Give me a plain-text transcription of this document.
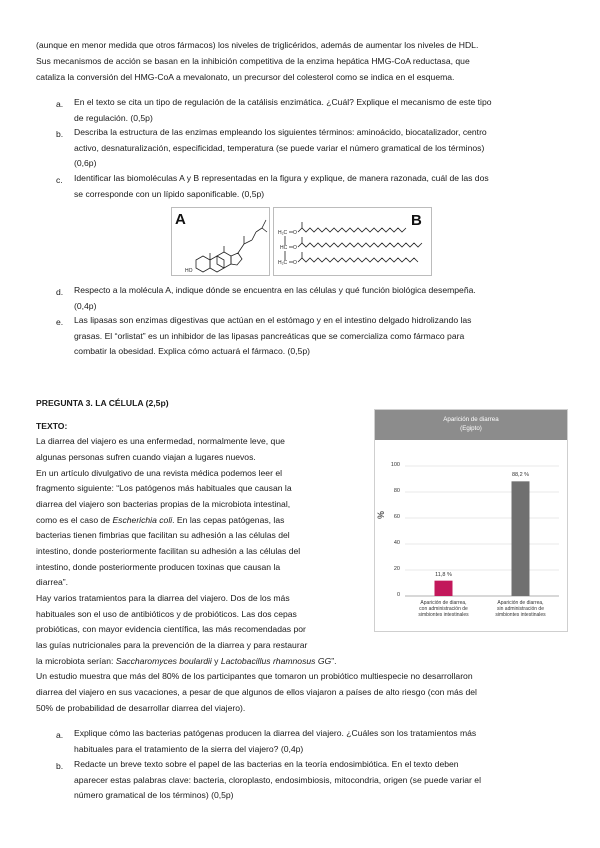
(aunque en menor medida que otros fármacos) los niveles de triglicéridos, además de aumentar los niveles de HDL.
Sus mecanismos de acción se basan en la inhibición competitiva de la enzima hepática HMG-CoA reductasa, que
cataliza la conversión del HMG-CoA a mevalonato, un precursor del colesterol como se indica en el esquema.
a. En el texto se cita un tipo de regulación de la catálisis enzimática. ¿Cuál? Explique el mecanismo de este tipo
de regulación. (0,5p)
b. Describa la estructura de las enzimas empleando los siguientes términos: aminoácido, biocatalizador, centro
activo, desnaturalización, especificidad, temperatura (se puede variar el número gramatical de los términos)
(0,6p)
c. Identificar las biomoléculas A y B representadas en la figura y explique, de manera razonada, cuál de las dos
se corresponde con un lípido saponificable. (0,5p)
A
HO
B
H₂C
HC
H₂C
O
O
O
d. Respecto a la molécula A, indique dónde se encuentra en las células y qué función biológica desempeña.
(0,4p)
e. Las lipasas son enzimas digestivas que actúan en el estómago y en el intestino delgado hidrolizando las
grasas. El “orlistat” es un inhibidor de las lipasas pancreáticas que se comercializa como fármaco para
combatir la obesidad. Explica cómo actuará el fármaco. (0,5p)
PREGUNTA 3. LA CÉLULA (2,5p)
TEXTO:
La diarrea del viajero es una enfermedad, normalmente leve, que
algunas personas sufren cuando viajan a lugares nuevos.
En un artículo divulgativo de una revista médica podemos leer el
fragmento siguiente: “Los patógenos más habituales que causan la
diarrea del viajero son bacterias propias de la microbiota intestinal,
como es el caso de Escherichia coli. En las cepas patógenas, las
bacterias tienen fimbrias que facilitan su adhesión a las células del
intestino, donde posteriormente facilitan su adhesión a las células del
intestino, donde posteriormente producen toxinas que causan la
diarrea”.
Hay varios tratamientos para la diarrea del viajero. Dos de los más
habituales son el uso de antibióticos y de probióticos. Las dos cepas
probióticas, con mayor evidencia científica, las más recomendadas por
las guías nutricionales para la prevención de la diarrea y para restaurar
la microbiota serían: Saccharomyces boulardii y Lactobacillus rhamnosus GG”.
Un estudio muestra que más del 80% de los participantes que tomaron un probiótico multiespecie no desarrollaron
diarrea del viajero en sus vacaciones, a pesar de que algunos de ellos viajaron a países de alto riesgo (con más del
50% de probabilidad de desarrollar diarrea del viajero).
a. Explique cómo las bacterias patógenas producen la diarrea del viajero. ¿Cuáles son los tratamientos más
habituales para el tratamiento de la sierra del viajero? (0,4p)
b. Redacte un breve texto sobre el papel de las bacterias en la teoría endosimbiótica. En el texto deben
aparecer estas palabras clave: bacteria, cloroplasto, endosimbiosis, mitocondria, origen (se puede variar el
número gramatical de los términos) (0,5p)
Aparición de diarrea
(Egipto)
%
0
20
40
60
80
100
11,8 %
Aparición de diarrea,
con administración de
simbiontes intestinales
88,2 %
Aparición de diarrea,
sin administración de
simbiontes intestinales
